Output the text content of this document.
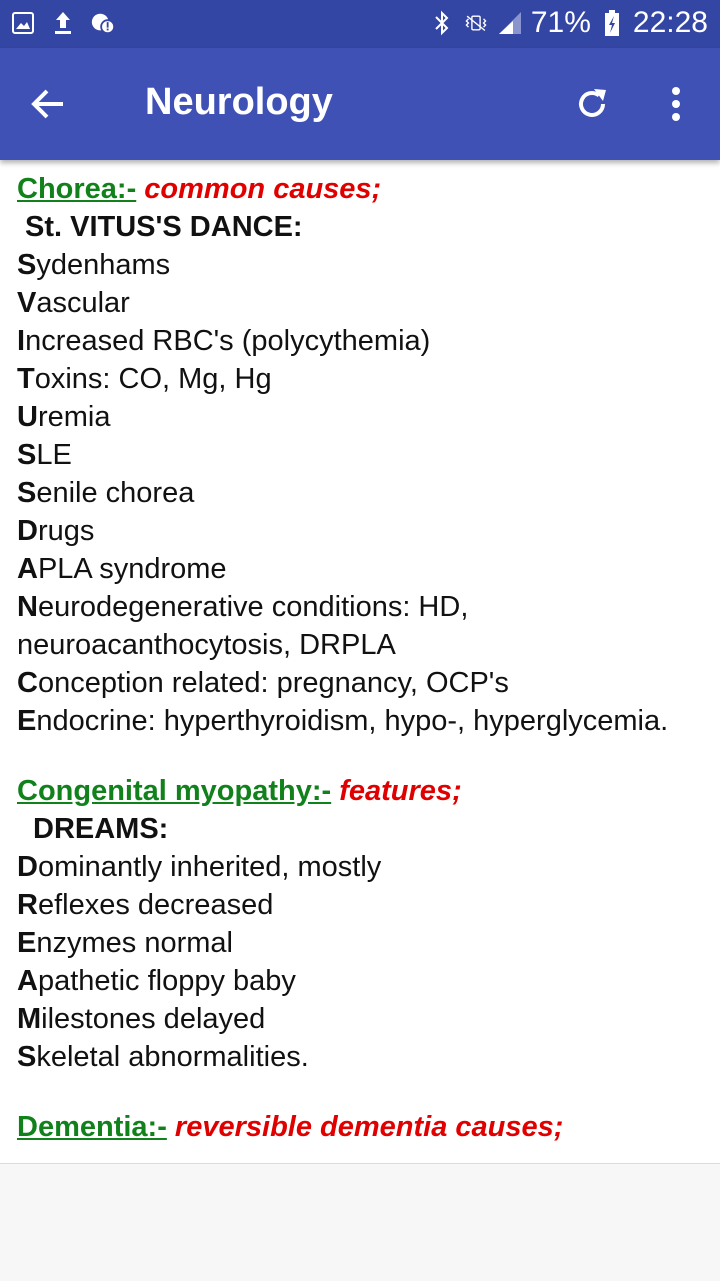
71% 22:28
Neurology
Chorea:- common causes;
St. VITUS'S DANCE:
Sydenhams
Vascular
Increased RBC's (polycythemia)
Toxins: CO, Mg, Hg
Uremia
SLE
Senile chorea
Drugs
APLA syndrome
Neurodegenerative conditions: HD, neuroacanthocytosis, DRPLA
Conception related: pregnancy, OCP's
Endocrine: hyperthyroidism, hypo-, hyperglycemia.
Congenital myopathy:- features;
DREAMS:
Dominantly inherited, mostly
Reflexes decreased
Enzymes normal
Apathetic floppy baby
Milestones delayed
Skeletal abnormalities.
Dementia:- reversible dementia causes;
